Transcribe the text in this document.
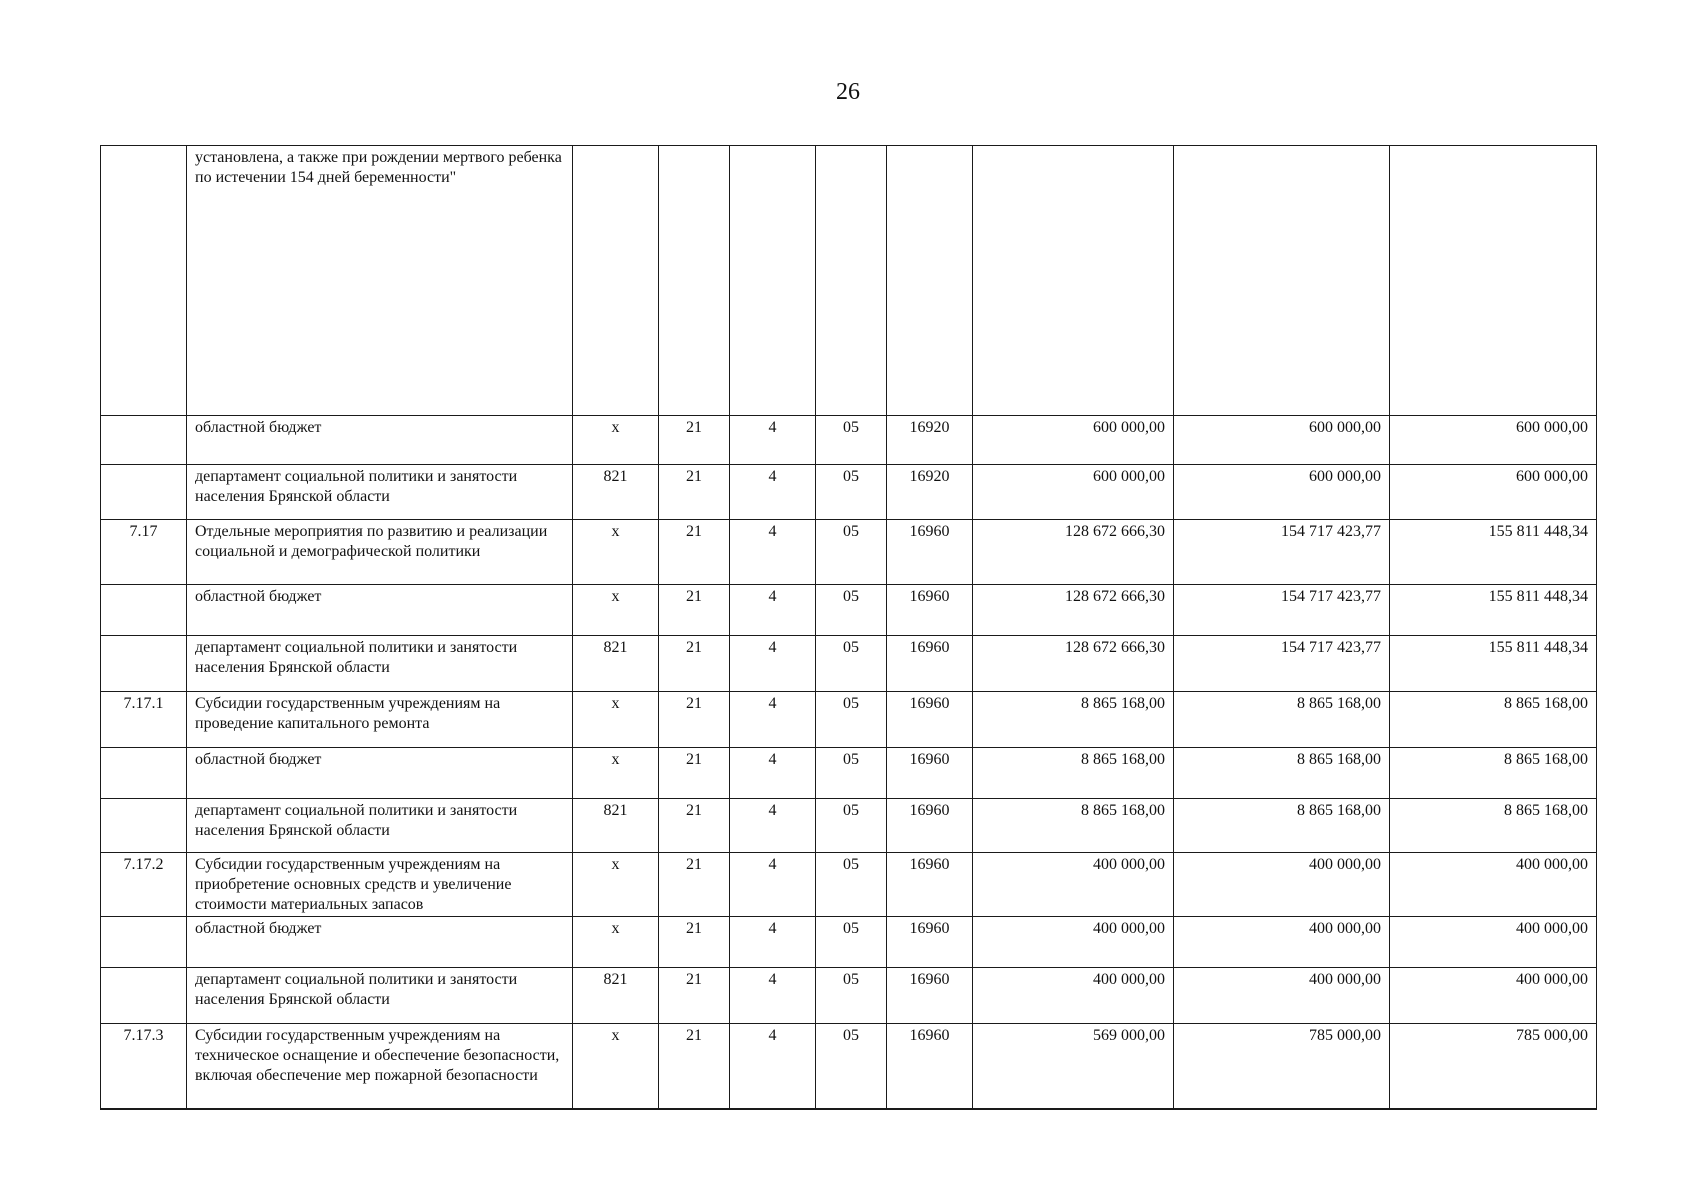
26
	установлена, а также при рождении мертвого ребенка по истечении 154 дней беременности"								
	областной бюджет	х	21	4	05	16920	600 000,00	600 000,00	600 000,00
	департамент социальной политики и занятости населения Брянской области	821	21	4	05	16920	600 000,00	600 000,00	600 000,00
7.17	Отдельные мероприятия по развитию и реализации социальной и демографической политики	х	21	4	05	16960	128 672 666,30	154 717 423,77	155 811 448,34
	областной бюджет	х	21	4	05	16960	128 672 666,30	154 717 423,77	155 811 448,34
	департамент социальной политики и занятости населения Брянской области	821	21	4	05	16960	128 672 666,30	154 717 423,77	155 811 448,34
7.17.1	Субсидии государственным учреждениям на проведение капитального ремонта	х	21	4	05	16960	8 865 168,00	8 865 168,00	8 865 168,00
	областной бюджет	х	21	4	05	16960	8 865 168,00	8 865 168,00	8 865 168,00
	департамент социальной политики и занятости населения Брянской области	821	21	4	05	16960	8 865 168,00	8 865 168,00	8 865 168,00
7.17.2	Субсидии государственным учреждениям на приобретение основных средств и увеличение стоимости материальных запасов	х	21	4	05	16960	400 000,00	400 000,00	400 000,00
	областной бюджет	х	21	4	05	16960	400 000,00	400 000,00	400 000,00
	департамент социальной политики и занятости населения Брянской области	821	21	4	05	16960	400 000,00	400 000,00	400 000,00
7.17.3	Субсидии государственным учреждениям на техническое оснащение и обеспечение безопасности, включая обеспечение мер пожарной безопасности	х	21	4	05	16960	569 000,00	785 000,00	785 000,00
